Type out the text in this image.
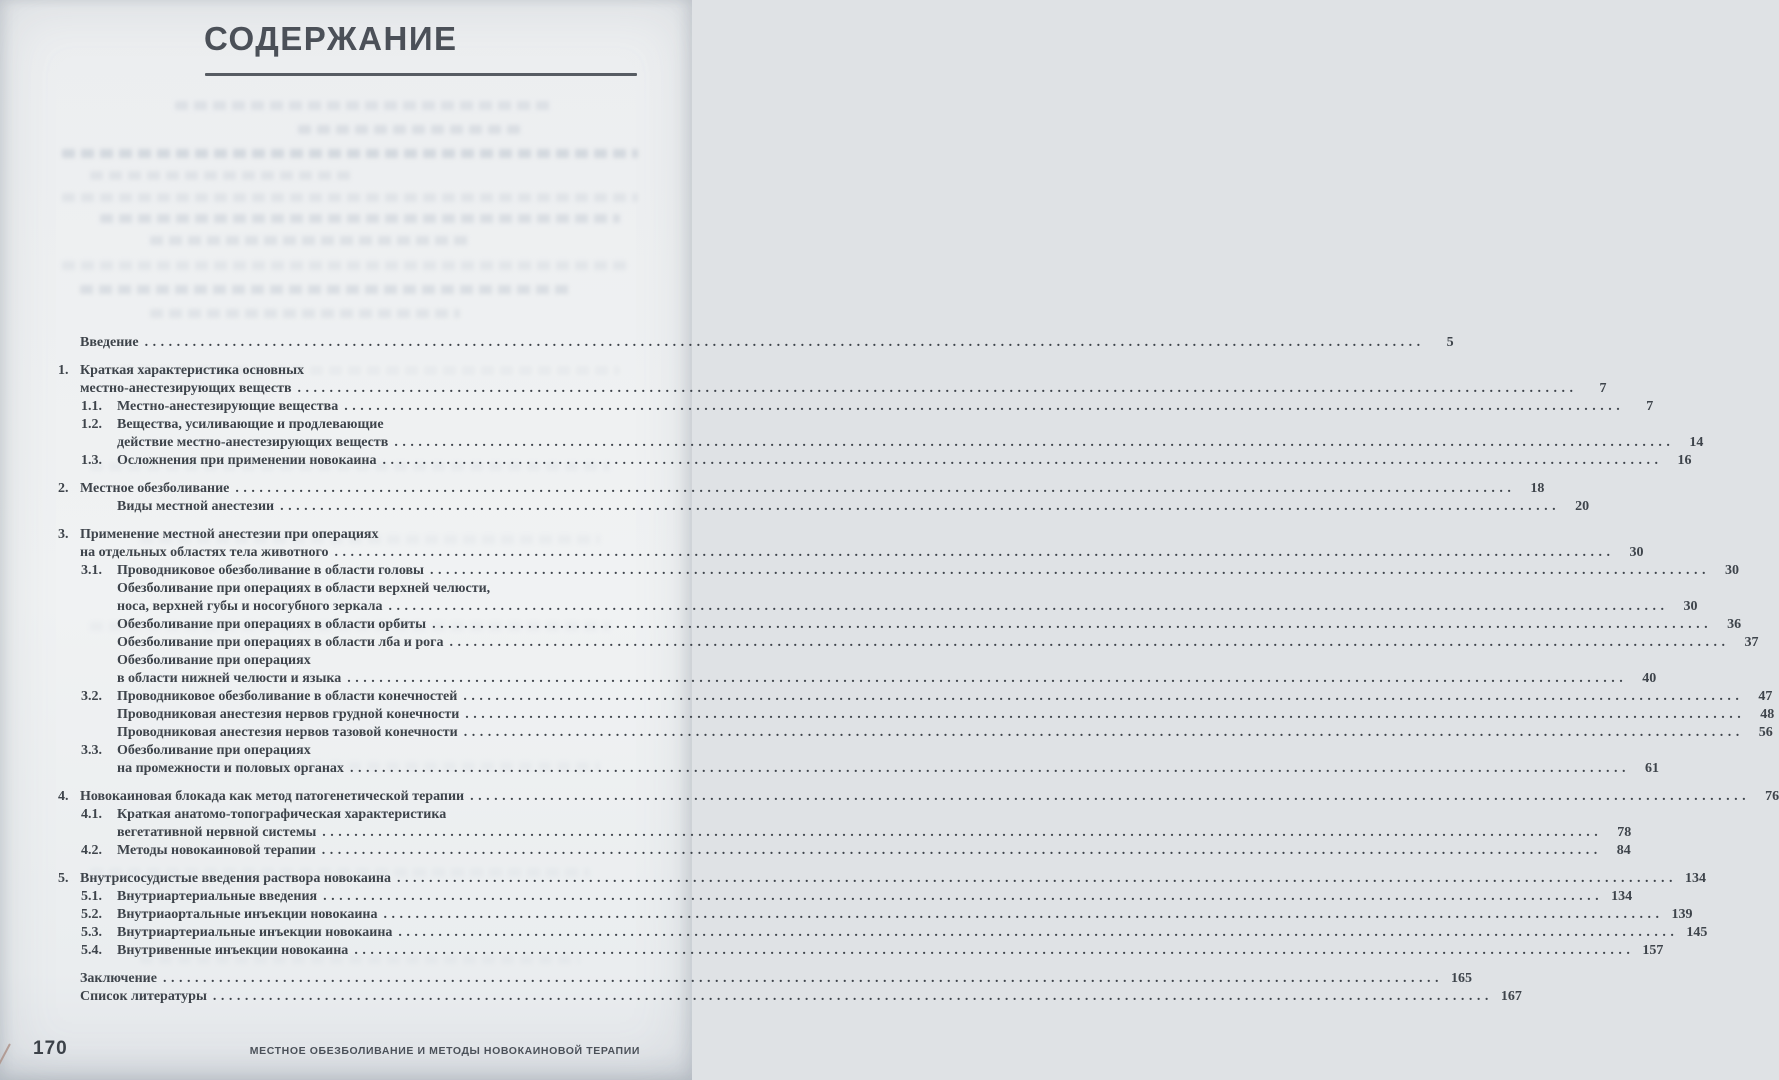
СОДЕРЖАНИЕ
Введение ................................................................................................................................................................	5
1. Краткая характеристика основных
местно-анестезирующих веществ ................................................................................................................................................................	7
1.1.	Местно-анестезирующие вещества ................................................................................................................................................................	7
1.2.	Вещества, усиливающие и продлевающие
действие местно-анестезирующих веществ ................................................................................................................................................................	14
1.3.	Осложнения при применении новокаина ................................................................................................................................................................	16
2. Местное обезболивание ................................................................................................................................................................	18
Виды местной анестезии ................................................................................................................................................................	20
3. Применение местной анестезии при операциях
на отдельных областях тела животного ................................................................................................................................................................	30
3.1.	Проводниковое обезболивание в области головы ................................................................................................................................................................	30
Обезболивание при операциях в области верхней челюсти,
носа, верхней губы и носогубного зеркала ................................................................................................................................................................	30
Обезболивание при операциях в области орбиты ................................................................................................................................................................	36
Обезболивание при операциях в области лба и рога ................................................................................................................................................................	37
Обезболивание при операциях
в области нижней челюсти и языка ................................................................................................................................................................	40
3.2.	Проводниковое обезболивание в области конечностей ................................................................................................................................................................	47
Проводниковая анестезия нервов грудной конечности ................................................................................................................................................................	48
Проводниковая анестезия нервов тазовой конечности ................................................................................................................................................................	56
3.3.	Обезболивание при операциях
на промежности и половых органах ................................................................................................................................................................	61
4. Новокаиновая блокада как метод патогенетической терапии ................................................................................................................................................................	76
4.1.	Краткая анатомо-топографическая характеристика
вегетативной нервной системы ................................................................................................................................................................	78
4.2.	Методы новокаиновой терапии ................................................................................................................................................................	84
5. Внутрисосудистые введения раствора новокаина ................................................................................................................................................................ 134
5.1.	Внутриартериальные введения ................................................................................................................................................................ 134
5.2.	Внутриаортальные инъекции новокаина ................................................................................................................................................................ 139
5.3.	Внутриартериальные инъекции новокаина ................................................................................................................................................................ 145
5.4.	Внутривенные инъекции новокаина ................................................................................................................................................................ 157
Заключение ................................................................................................................................................................ 165
Список литературы ................................................................................................................................................................ 167
170	МЕСТНОЕ ОБЕЗБОЛИВАНИЕ И МЕТОДЫ НОВОКАИНОВОЙ ТЕРАПИИ
